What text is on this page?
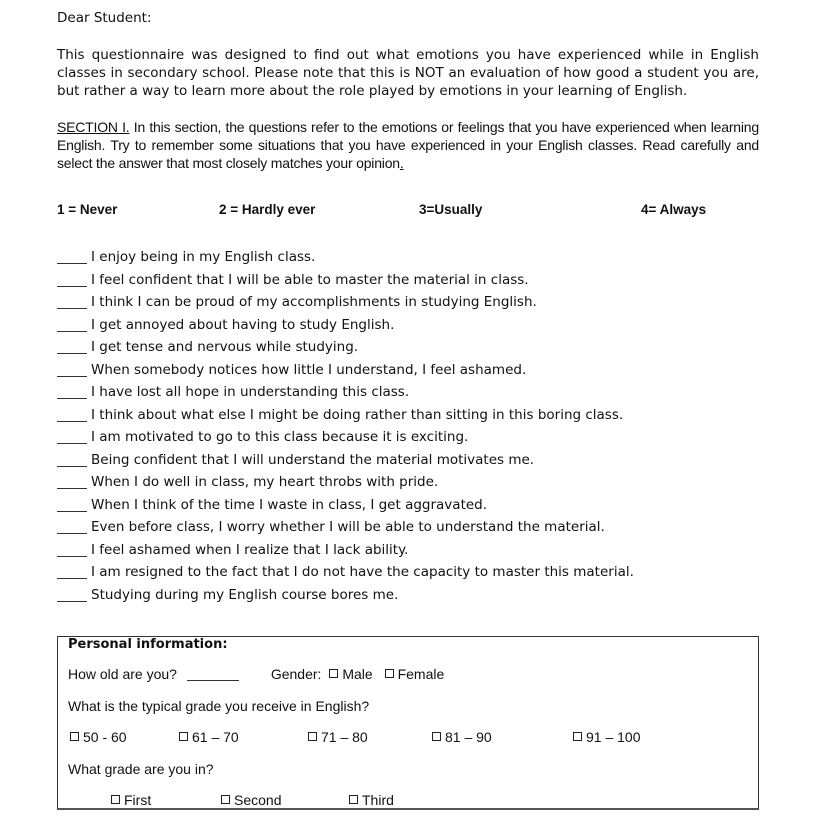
Dear Student:
This questionnaire was designed to find out what emotions you have experienced while in English classes in secondary school. Please note that this is NOT an evaluation of how good a student you are, but rather a way to learn more about the role played by emotions in your learning of English.
SECTION I. In this section, the questions refer to the emotions or feelings that you have experienced when learning English. Try to remember some situations that you have experienced in your English classes. Read carefully and select the answer that most closely matches your opinion.
1 = Never	2 = Hardly ever	3=Usually	4= Always
I enjoy being in my English class.
I feel confident that I will be able to master the material in class.
I think I can be proud of my accomplishments in studying English.
I get annoyed about having to study English.
I get tense and nervous while studying.
When somebody notices how little I understand, I feel ashamed.
I have lost all hope in understanding this class.
I think about what else I might be doing rather than sitting in this boring class.
I am motivated to go to this class because it is exciting.
Being confident that I will understand the material motivates me.
When I do well in class, my heart throbs with pride.
When I think of the time I waste in class, I get aggravated.
Even before class, I worry whether I will be able to understand the material.
I feel ashamed when I realize that I lack ability.
I am resigned to the fact that I do not have the capacity to master this material.
Studying during my English course bores me.
Personal information:
How old are you?	Gender: Male Female
What is the typical grade you receive in English?
50 - 60	61 – 70	71 – 80	81 – 90	91 – 100
What grade are you in?
First	Second	Third
